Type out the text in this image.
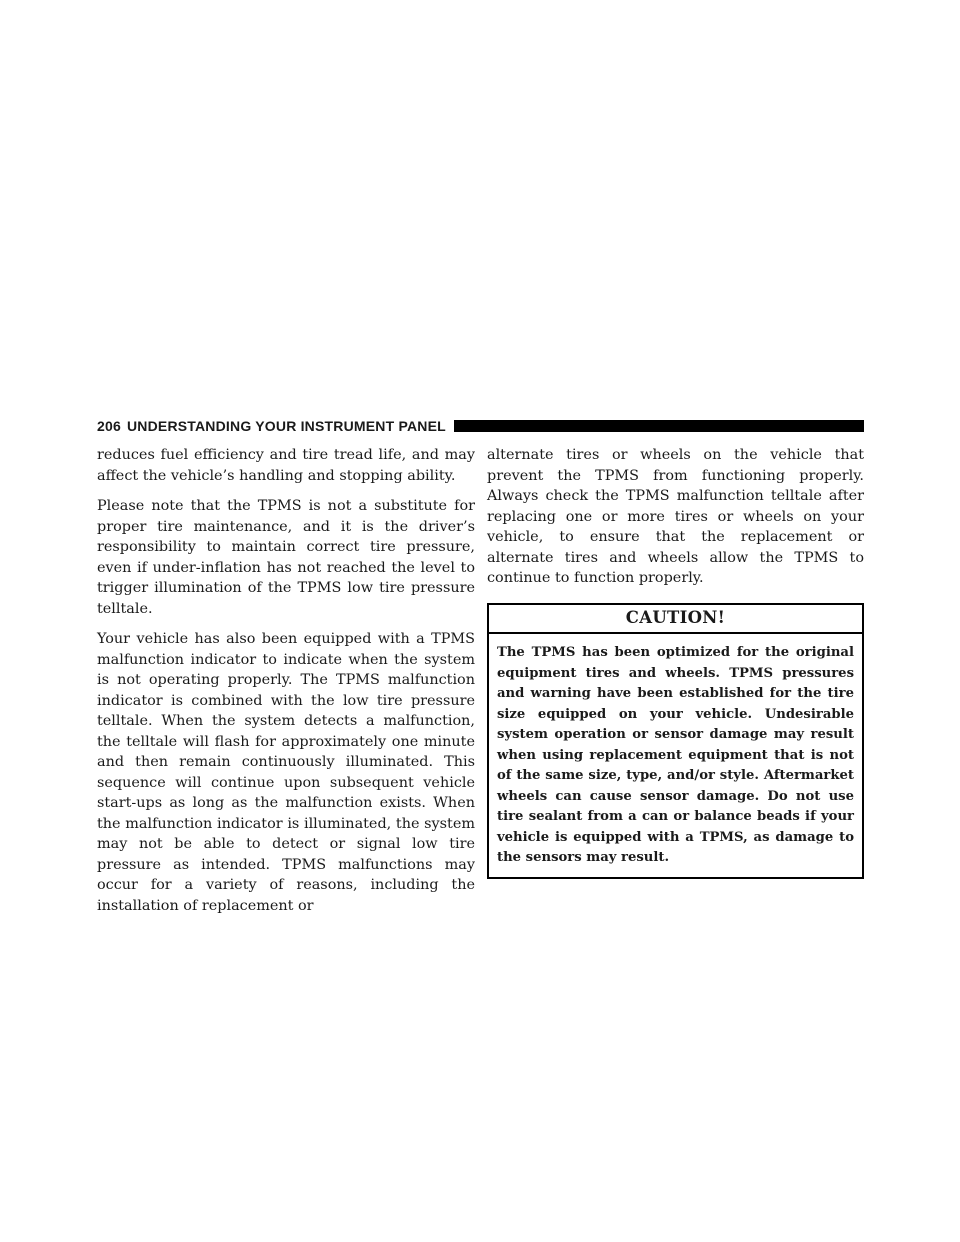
206 UNDERSTANDING YOUR INSTRUMENT PANEL

reduces fuel efficiency and tire tread life, and may affect the vehicle’s handling and stopping ability.

Please note that the TPMS is not a substitute for proper tire maintenance, and it is the driver’s responsibility to maintain correct tire pressure, even if under-inflation has not reached the level to trigger illumination of the TPMS low tire pressure telltale.

Your vehicle has also been equipped with a TPMS malfunction indicator to indicate when the system is not operating properly. The TPMS malfunction indicator is combined with the low tire pressure telltale. When the system detects a malfunction, the telltale will flash for approximately one minute and then remain continuously illuminated. This sequence will continue upon subsequent vehicle start-ups as long as the malfunction exists. When the malfunction indicator is illuminated, the system may not be able to detect or signal low tire pressure as intended. TPMS malfunctions may occur for a variety of reasons, including the installation of replacement or

alternate tires or wheels on the vehicle that prevent the TPMS from functioning properly. Always check the TPMS malfunction telltale after replacing one or more tires or wheels on your vehicle, to ensure that the replacement or alternate tires and wheels allow the TPMS to continue to function properly.

CAUTION!
The TPMS has been optimized for the original equipment tires and wheels. TPMS pressures and warning have been established for the tire size equipped on your vehicle. Undesirable system operation or sensor damage may result when using replacement equipment that is not of the same size, type, and/or style. Aftermarket wheels can cause sensor damage. Do not use tire sealant from a can or balance beads if your vehicle is equipped with a TPMS, as damage to the sensors may result.
